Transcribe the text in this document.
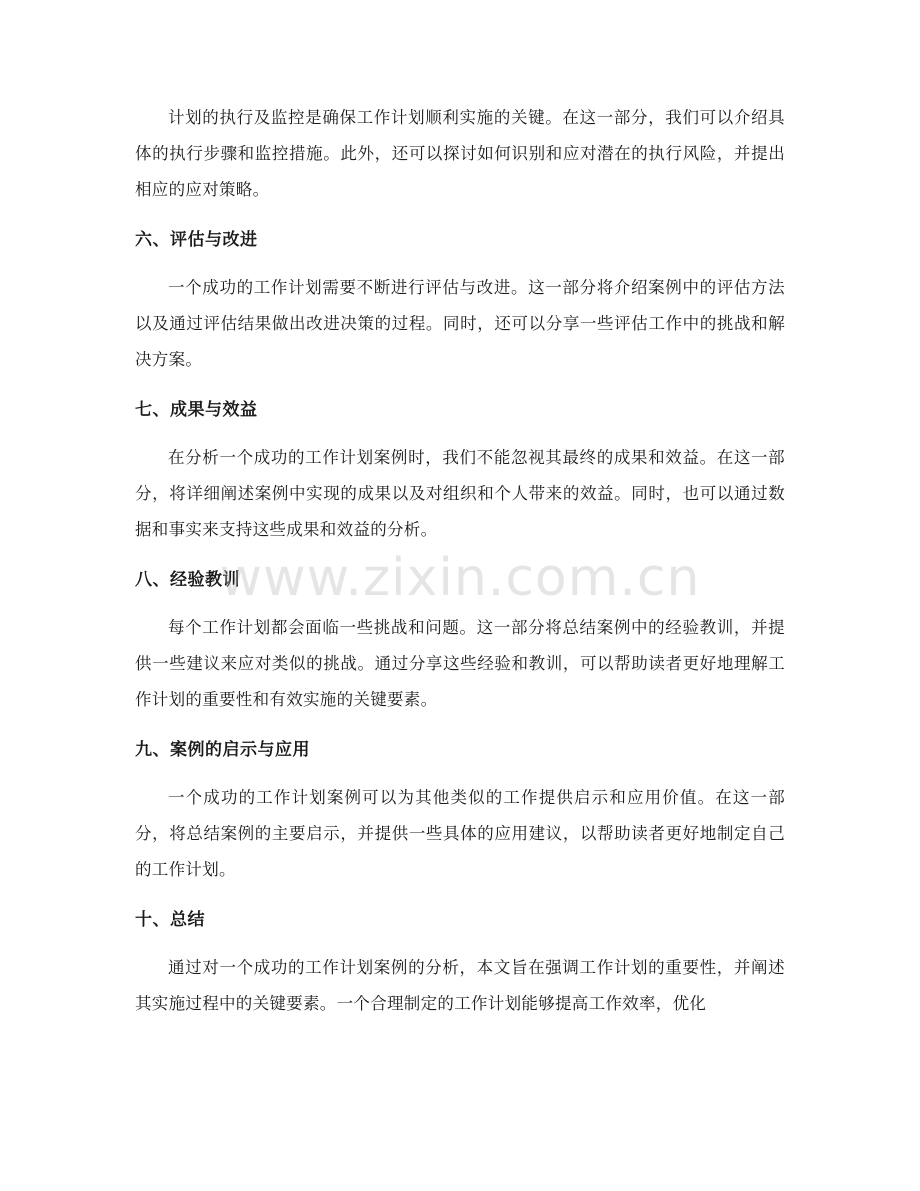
计划的执行及监控是确保工作计划顺利实施的关键。在这一部分，我们可以介绍具体的执行步骤和监控措施。此外，还可以探讨如何识别和应对潜在的执行风险，并提出相应的应对策略。

六、评估与改进

一个成功的工作计划需要不断进行评估与改进。这一部分将介绍案例中的评估方法以及通过评估结果做出改进决策的过程。同时，还可以分享一些评估工作中的挑战和解决方案。

七、成果与效益

在分析一个成功的工作计划案例时，我们不能忽视其最终的成果和效益。在这一部分，将详细阐述案例中实现的成果以及对组织和个人带来的效益。同时，也可以通过数据和事实来支持这些成果和效益的分析。

八、经验教训

每个工作计划都会面临一些挑战和问题。这一部分将总结案例中的经验教训，并提供一些建议来应对类似的挑战。通过分享这些经验和教训，可以帮助读者更好地理解工作计划的重要性和有效实施的关键要素。

九、案例的启示与应用

一个成功的工作计划案例可以为其他类似的工作提供启示和应用价值。在这一部分，将总结案例的主要启示，并提供一些具体的应用建议，以帮助读者更好地制定自己的工作计划。

十、总结

通过对一个成功的工作计划案例的分析，本文旨在强调工作计划的重要性，并阐述其实施过程中的关键要素。一个合理制定的工作计划能够提高工作效率，优化

www.zixin.com.cn
